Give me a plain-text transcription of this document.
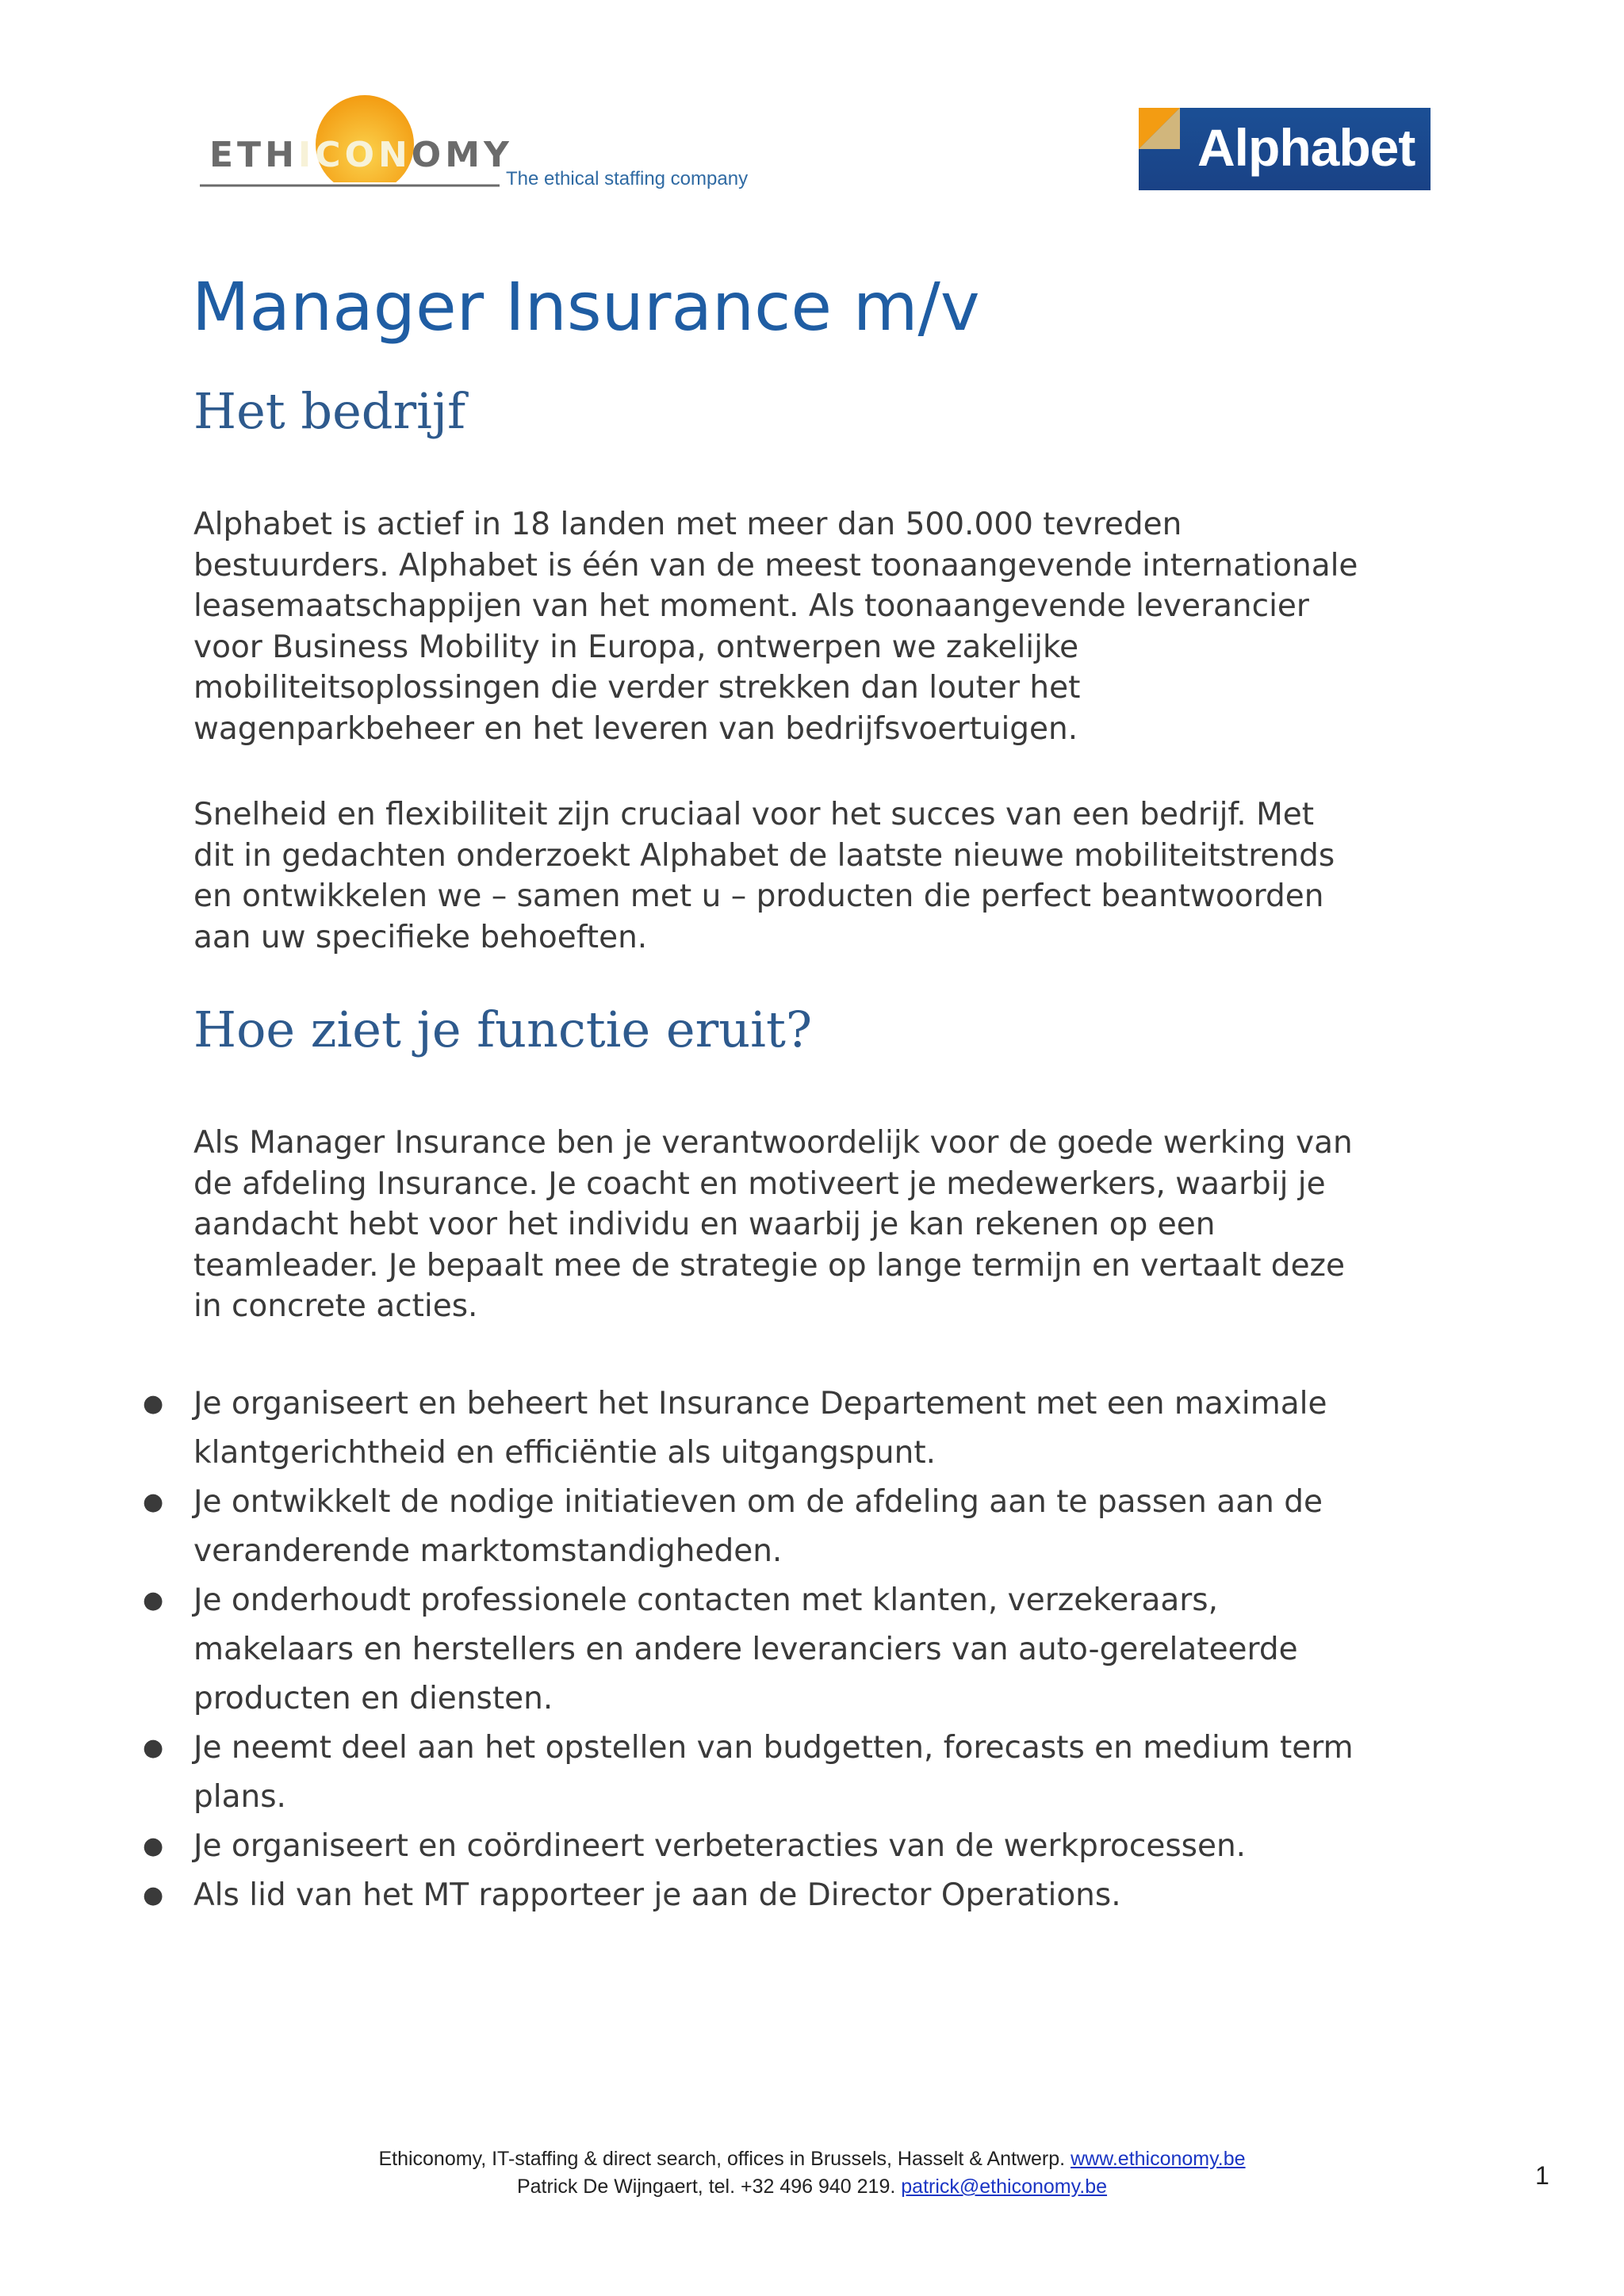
ETHICONOMY
The ethical staffing company
Alphabet
Manager Insurance m/v
Het bedrijf

Alphabet is actief in 18 landen met meer dan 500.000 tevreden
bestuurders. Alphabet is één van de meest toonaangevende internationale
leasemaatschappijen van het moment. Als toonaangevende leverancier
voor Business Mobility in Europa, ontwerpen we zakelijke
mobiliteitsoplossingen die verder strekken dan louter het
wagenparkbeheer en het leveren van bedrijfsvoertuigen.

Snelheid en flexibiliteit zijn cruciaal voor het succes van een bedrijf. Met
dit in gedachten onderzoekt Alphabet de laatste nieuwe mobiliteitstrends
en ontwikkelen we – samen met u – producten die perfect beantwoorden
aan uw specifieke behoeften.

Hoe ziet je functie eruit?

Als Manager Insurance ben je verantwoordelijk voor de goede werking van
de afdeling Insurance. Je coacht en motiveert je medewerkers, waarbij je
aandacht hebt voor het individu en waarbij je kan rekenen op een
teamleader. Je bepaalt mee de strategie op lange termijn en vertaalt deze
in concrete acties.

● Je organiseert en beheert het Insurance Departement met een maximale
klantgerichtheid en efficiëntie als uitgangspunt.
● Je ontwikkelt de nodige initiatieven om de afdeling aan te passen aan de
veranderende marktomstandigheden.
● Je onderhoudt professionele contacten met klanten, verzekeraars,
makelaars en herstellers en andere leveranciers van auto-gerelateerde
producten en diensten.
● Je neemt deel aan het opstellen van budgetten, forecasts en medium term
plans.
● Je organiseert en coördineert verbeteracties van de werkprocessen.
● Als lid van het MT rapporteer je aan de Director Operations.
Ethiconomy, IT-staffing & direct search, offices in Brussels, Hasselt & Antwerp. www.ethiconomy.be
Patrick De Wijngaert, tel. +32 496 940 219. patrick@ethiconomy.be	1
